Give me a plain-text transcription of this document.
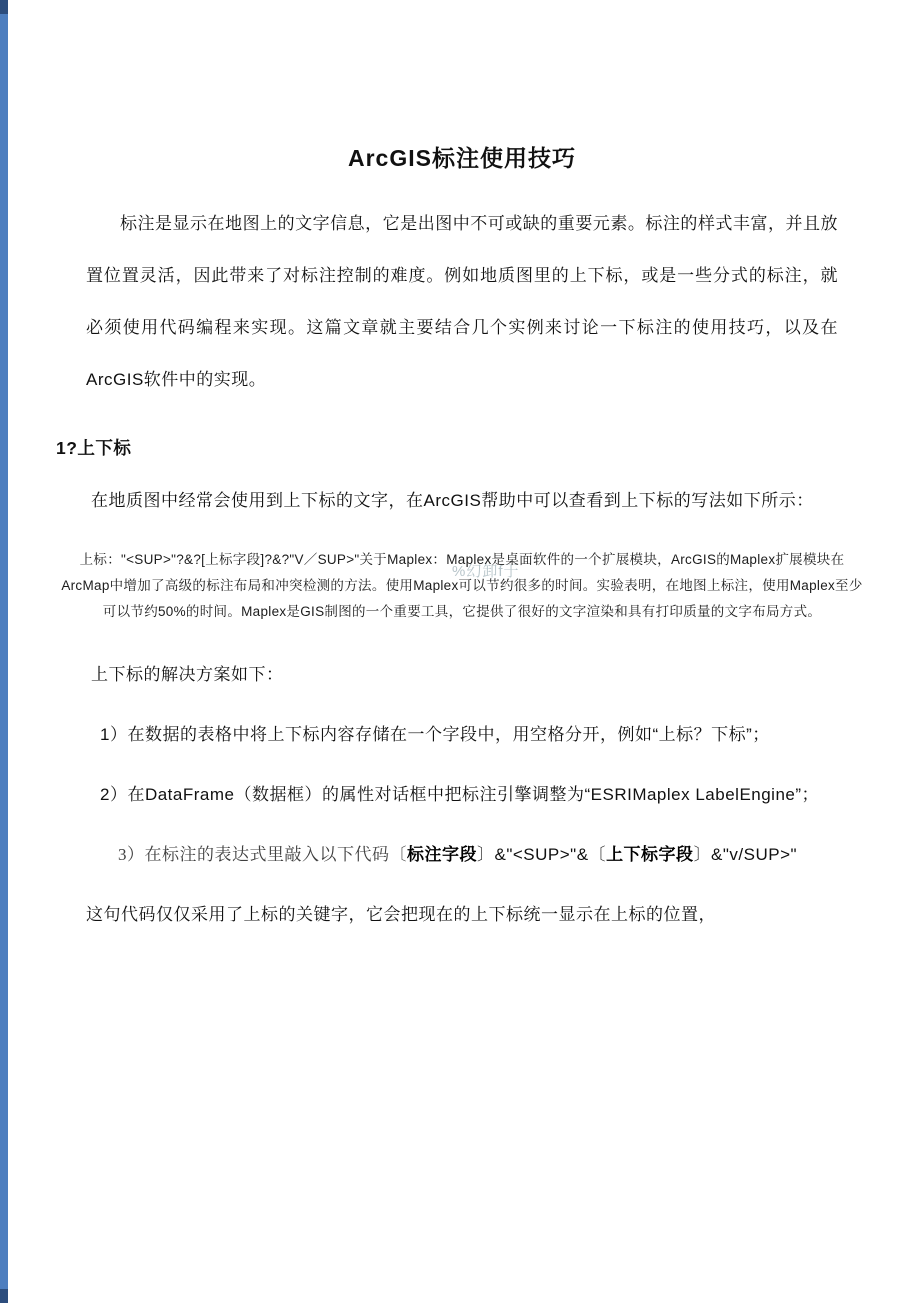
%幻卸f于
ArcGIS标注使用技巧

标注是显示在地图上的文字信息，它是出图中不可或缺的重要元素。标注的样式丰富，并且放置位置灵活，因此带来了对标注控制的难度。例如地质图里的上下标，或是一些分式的标注，就必须使用代码编程来实现。这篇文章就主要结合几个实例来讨论一下标注的使用技巧，以及在ArcGIS软件中的实现。

1?上下标

在地质图中经常会使用到上下标的文字，在ArcGIS帮助中可以查看到上下标的写法如下所示：

上标："<SUP>"?&?[上标字段]?&?"V／SUP>"关于Maplex：Maplex是桌面软件的一个扩展模块，ArcGIS的Maplex扩展模块在ArcMap中增加了高级的标注布局和冲突检测的方法。使用Maplex可以节约很多的时间。实验表明，在地图上标注，使用Maplex至少可以节约50%的时间。Maplex是GIS制图的一个重要工具，它提供了很好的文字渲染和具有打印质量的文字布局方式。

上下标的解决方案如下：

1）在数据的表格中将上下标内容存储在一个字段中，用空格分开，例如“上标？下标”；

2）在DataFrame（数据框）的属性对话框中把标注引擎调整为“ESRIMaplex LabelEngine”；

3）在标注的表达式里敲入以下代码〔标注字段〕&"<SUP>"&〔上下标字段〕&"v/SUP>"

这句代码仅仅采用了上标的关键字，它会把现在的上下标统一显示在上标的位置，
